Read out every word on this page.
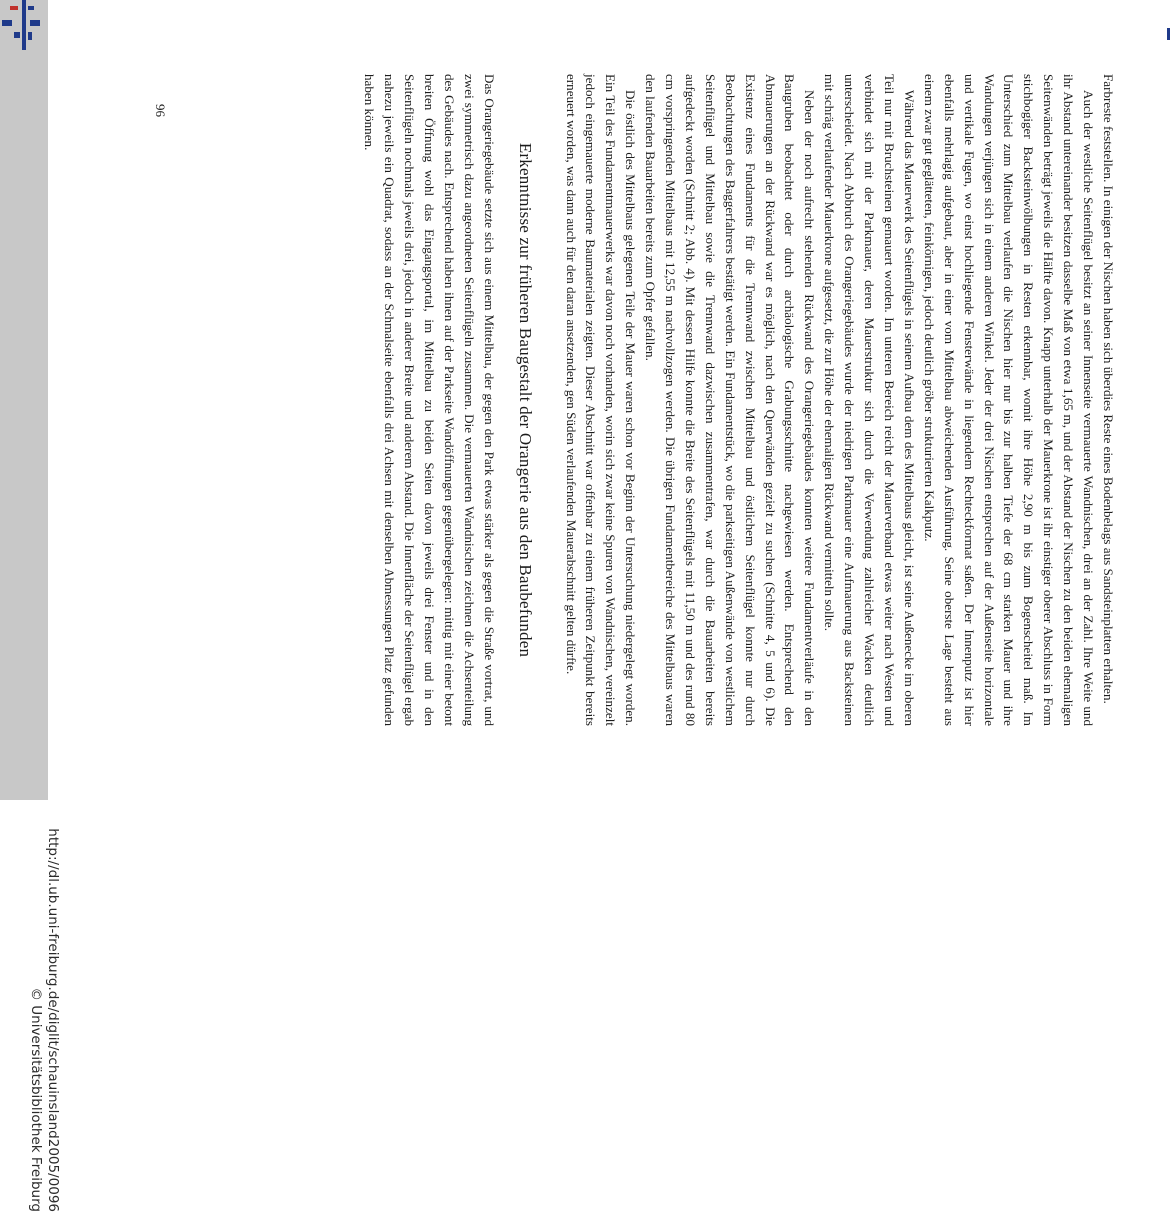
http://dl.ub.uni-freiburg.de/diglit/schauinsland2005/0096
© Universitätsbibliothek Freiburg
96	Farbreste feststellen. In einigen der Nischen haben sich überdies Reste eines Bodenbelags aus Sandsteinplatten erhalten.

Auch der westliche Seitenflügel besitzt an seiner Innenseite vermauerte Wandnischen, drei an der Zahl. Ihre Weite und ihr Abstand untereinander besitzen dasselbe Maß von etwa 1,65 m, und der Abstand der Nischen zu den beiden ehemaligen Seitenwänden beträgt jeweils die Hälfte davon. Knapp unterhalb der Mauerkrone ist ihr einstiger oberer Abschluss in Form stichbogiger Backsteinwölbungen in Resten erkennbar, womit ihre Höhe 2,90 m bis zum Bogenscheitel maß. Im Unterschied zum Mittelbau verlaufen die Nischen hier nur bis zur halben Tiefe der 68 cm starken Mauer und ihre Wandungen verjüngen sich in einem anderen Winkel. Jeder der drei Nischen entsprechen auf der Außenseite horizontale und vertikale Fugen, wo einst hochliegende Fensterwände in liegendem Rechteckformat saßen. Der Innenputz ist hier ebenfalls mehrlagig aufgebaut, aber in einer vom Mittelbau abweichenden Ausführung. Seine oberste Lage besteht aus einem zwar gut geglätteten, feinkörnigen, jedoch deutlich gröber strukturierten Kalkputz.

Während das Mauerwerk des Seitenflügels in seinem Aufbau dem des Mittelbaus gleicht, ist seine Außenecke im oberen Teil nur mit Bruchsteinen gemauert worden. Im unteren Bereich reicht der Mauerverband etwas weiter nach Westen und verbindet sich mit der Parkmauer, deren Mauerstruktur sich durch die Verwendung zahlreicher Wacken deutlich unterscheidet. Nach Abbruch des Orangeriegebäudes wurde der niedrigen Parkmauer eine Aufmauerung aus Backsteinen mit schräg verlaufender Mauerkrone aufgesetzt, die zur Höhe der ehemaligen Rückwand vermitteln sollte.

Neben der noch aufrecht stehenden Rückwand des Orangeriegebäudes konnten weitere Fundamentverläufe in den Baugruben beobachtet oder durch archäologische Grabungsschnitte nachgewiesen werden. Entsprechend den Abmauerungen an der Rückwand war es möglich, nach den Querwänden gezielt zu suchen (Schnitte 4, 5 und 6). Die Existenz eines Fundaments für die Trennwand zwischen Mittelbau und östlichem Seitenflügel konnte nur durch Beobachtungen des Baggerfahrers bestätigt werden. Ein Fundamentstück, wo die parkseitigen Außenwände von westlichem Seitenflügel und Mittelbau sowie die Trennwand dazwischen zusammentrafen, war durch die Bauarbeiten bereits aufgedeckt worden (Schnitt 2; Abb. 4). Mit dessen Hilfe konnte die Breite des Seitenflügels mit 11,50 m und des rund 80 cm vorspringenden Mittelbaus mit 12,55 m nachvollzogen werden. Die übrigen Fundamentbereiche des Mittelbaus waren den laufenden Bauarbeiten bereits zum Opfer gefallen.

Die östlich des Mittelbaus gelegenen Teile der Mauer waren schon vor Beginn der Untersuchung niedergelegt worden. Ein Teil des Fundamentmauerwerks war davon noch vorhanden, worin sich zwar keine Spuren von Wandnischen, vereinzelt jedoch eingemauerte moderne Baumaterialen zeigten. Dieser Abschnitt war offenbar zu einem früheren Zeitpunkt bereits erneuert worden, was dann auch für den daran ansetzenden, gen Süden verlaufenden Mauerabschnitt gelten dürfte.

Erkenntnisse zur früheren Baugestalt der Orangerie aus den Baubefunden

Das Orangeriegebäude setzte sich aus einem Mittelbau, der gegen den Park etwas stärker als gegen die Straße vortrat, und zwei symmetrisch dazu angeordneten Seitenflügeln zusammen. Die vermauerten Wandnischen zeichnen die Achsenteilung des Gebäudes nach. Entsprechend haben ihnen auf der Parkseite Wandöffnungen gegenübergelegen: mittig mit einer betont breiten Öffnung wohl das Eingangsportal, im Mittelbau zu beiden Seiten davon jeweils drei Fenster und in den Seitenflügeln nochmals jeweils drei, jedoch in anderer Breite und anderem Abstand. Die Innenfläche der Seitenflügel ergab nahezu jeweils ein Quadrat, sodass an der Schmalseite ebenfalls drei Achsen mit denselben Abmessungen Platz gefunden haben können.
